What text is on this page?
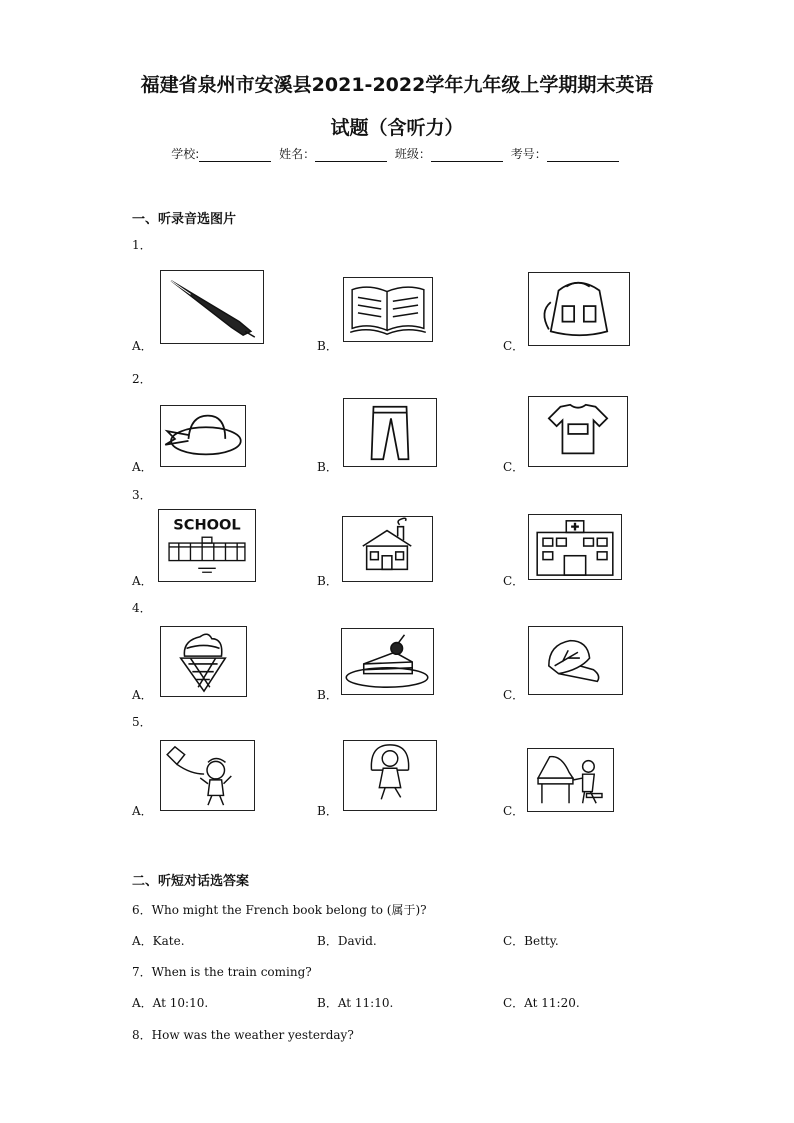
福建省泉州市安溪县2021-2022学年九年级上学期期末英语
试题（含听力）
学校:	姓名：	班级：	考号：
一、听录音选图片
1．
A．	B．	C．
2．
A．	B．	C．
3．
A．
SCHOOL
B．	C．
4．
A．	B．	C．
5．
A．	B．	C．
二、听短对话选答案
6．Who might the French book belong to (属于)?
A．Kate.	B．David.	C．Betty.
7．When is the train coming?
A．At 10:10.	B．At 11:10.	C．At 11:20.
8．How was the weather yesterday?
